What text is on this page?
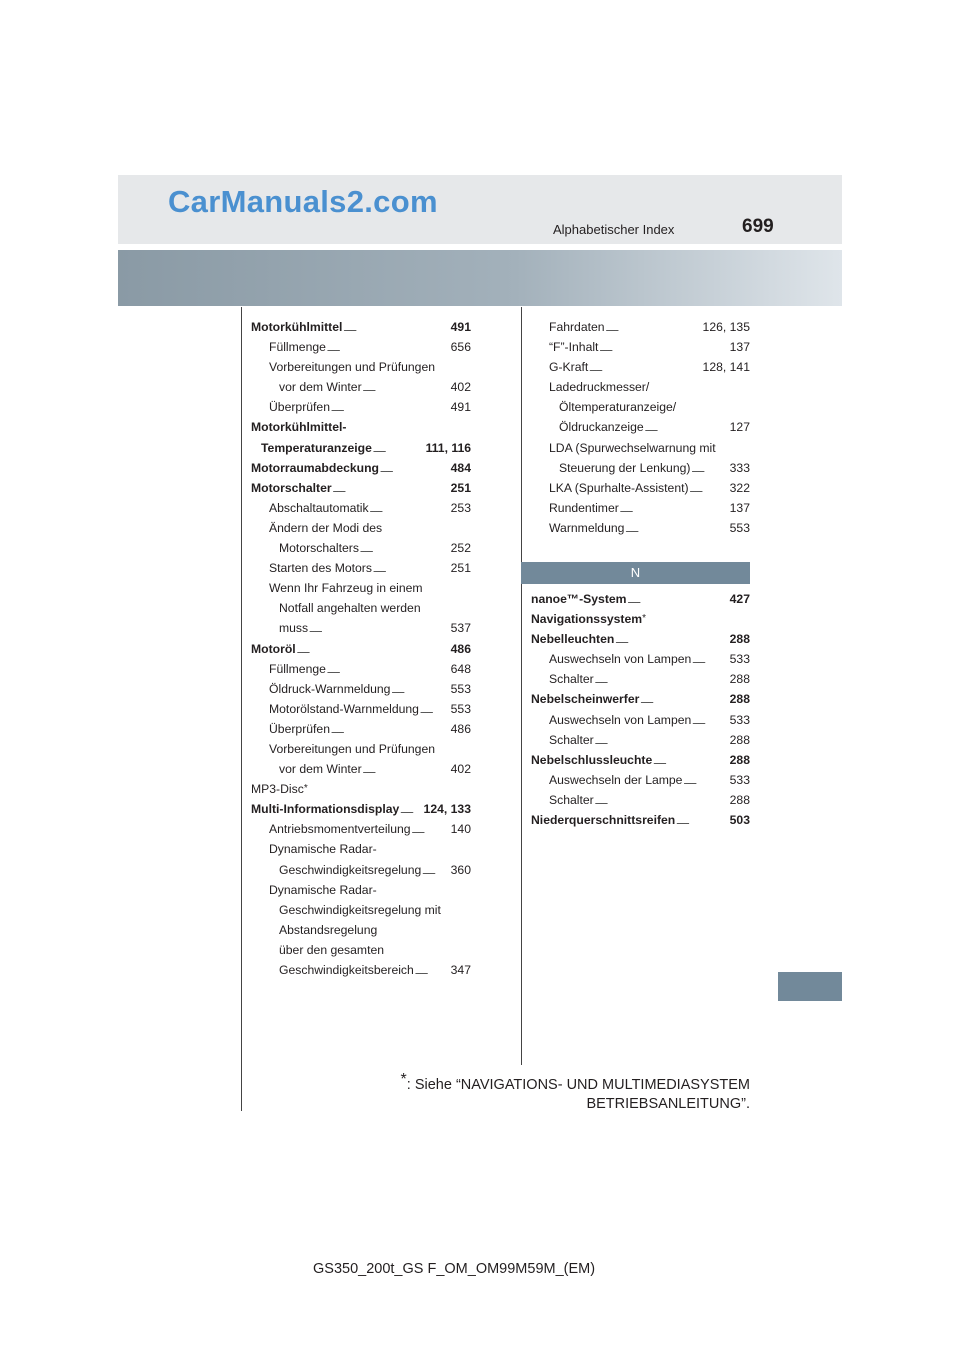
CarManuals2.com
Alphabetischer Index	699
Motorkühlmittel . . .	491
Füllmenge . . .	656
Vorbereitungen und Prüfungen
vor dem Winter . . .	402
Überprüfen . . .	491
Motorkühlmittel-
Temperaturanzeige . . .	111, 116
Motorraumabdeckung . . .	484
Motorschalter . . .	251
Abschaltautomatik . . .	253
Ändern der Modi des
Motorschalters . . .	252
Starten des Motors . . .	251
Wenn Ihr Fahrzeug in einem
Notfall angehalten werden
muss . . .	537
Motoröl . . .	486
Füllmenge . . .	648
Öldruck-Warnmeldung . . .	553
Motorölstand-Warnmeldung . . .	553
Überprüfen . . .	486
Vorbereitungen und Prüfungen
vor dem Winter . . .	402
MP3-Disc *
Multi-Informationsdisplay . . . 124, 133
Antriebsmomentverteilung . . .	140
Dynamische Radar-
Geschwindigkeitsregelung . . . 360
Dynamische Radar-
Geschwindigkeitsregelung mit
Abstandsregelung
über den gesamten
Geschwindigkeitsbereich . . .	347
Fahrdaten . . .	126, 135
“F”-Inhalt . . .	137
G-Kraft . . .	128, 141
Ladedruckmesser/
Öltemperaturanzeige/
Öldruckanzeige . . .	127
LDA (Spurwechselwarnung mit
Steuerung der Lenkung) . . .	333
LKA (Spurhalte-Assistent) . . .	322
Rundentimer . . .	137
Warnmeldung . . .	553
N
nanoe™-System . . .	427
Navigationssystem *
Nebelleuchten . . .	288
Auswechseln von Lampen . . .	533
Schalter . . .	288
Nebelscheinwerfer . . .	288
Auswechseln von Lampen . . .	533
Schalter . . .	288
Nebelschlussleuchte . . .	288
Auswechseln der Lampe . . .	533
Schalter . . .	288
Niederquerschnittsreifen . . .	503
*: Siehe “NAVIGATIONS- UND MULTIMEDIASYSTEM
BETRIEBSANLEITUNG”.
GS350_200t_GS F_OM_OM99M59M_(EM)
